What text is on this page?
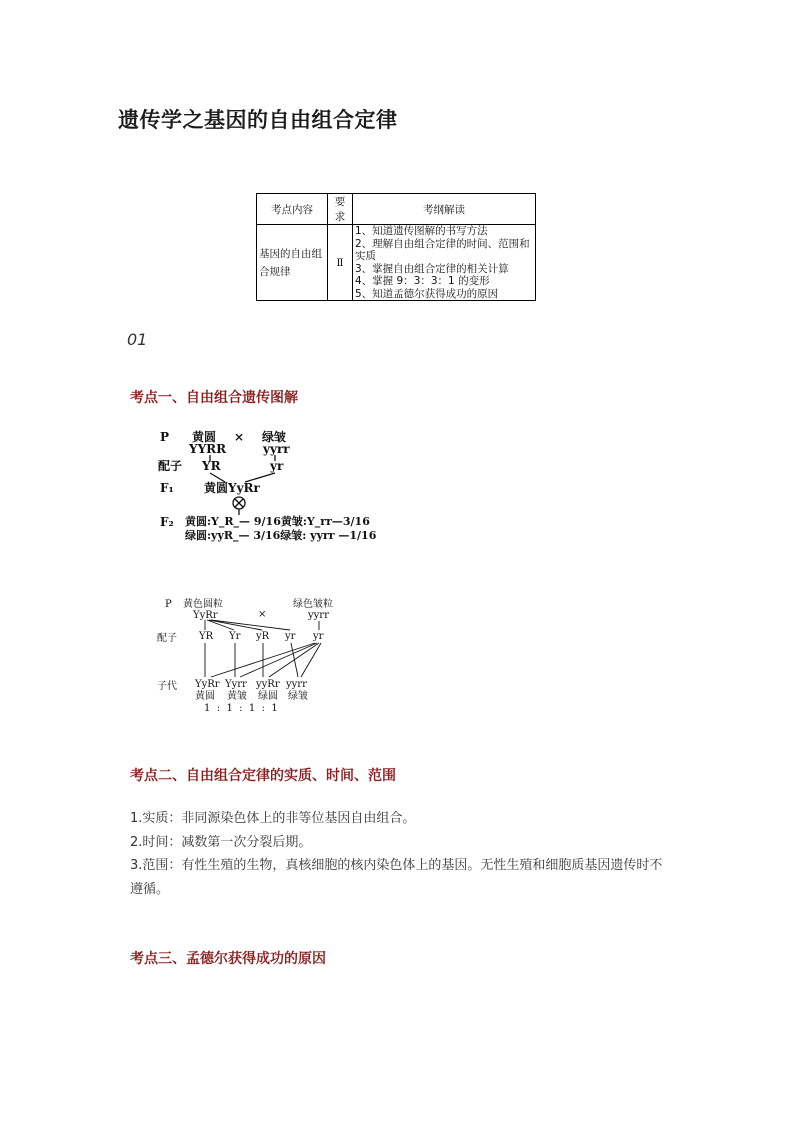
遗传学之基因的自由组合定律
考点内容	要求	考纲解读
基因的自由组合规律	Ⅱ	1、知道遗传图解的书写方法
2、理解自由组合定律的时间、范围和实质
3、掌握自由组合定律的相关计算
4、掌握 9：3：3：1 的变形
5、知道孟德尔获得成功的原因
01
考点一、自由组合遗传图解
P 黄圆
YYRR
× 绿皱
yyrr
配子 YR	yr
F₁	黄圆YyRr
F₂ 黄圆:Y_R_— 9/16黄皱:Y_rr—3/16
绿圆:yyR_— 3/16绿皱: yyrr —1/16
P 黄色圆粒
YyRr	×
绿色皱粒
yyrr
配子 YR Yr yR yr yr
子代 YyRr Yyrr yyRr yyrr
黄圆 黄皱 绿圆 绿皱
1  :  1  :  1  :  1
考点二、自由组合定律的实质、时间、范围

1.实质：非同源染色体上的非等位基因自由组合。

2.时间：减数第一次分裂后期。

3.范围：有性生殖的生物，真核细胞的核内染色体上的基因。无性生殖和细胞质基因遗传时不遵循。

考点三、孟德尔获得成功的原因
